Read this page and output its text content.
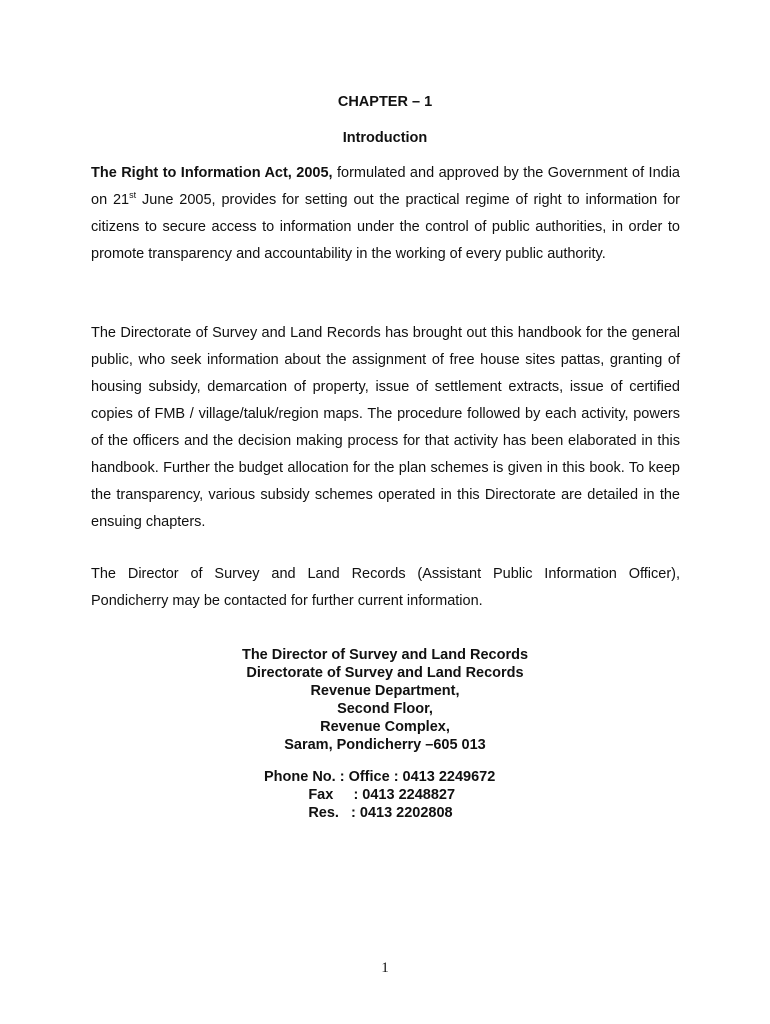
CHAPTER – 1
Introduction

The Right to Information Act, 2005, formulated and approved by the Government of India on 21st June 2005, provides for setting out the practical regime of right to information for citizens to secure access to information under the control of public authorities, in order to promote transparency and accountability in the working of every public authority.

The Directorate of Survey and Land Records has brought out this handbook for the general public, who seek information about the assignment of free house sites pattas, granting of housing subsidy, demarcation of property, issue of settlement extracts, issue of certified copies of FMB / village/taluk/region maps. The procedure followed by each activity, powers of the officers and the decision making process for that activity has been elaborated in this handbook. Further the budget allocation for the plan schemes is given in this book. To keep the transparency, various subsidy schemes operated in this Directorate are detailed in the ensuing chapters.

The Director of Survey and Land Records (Assistant Public Information Officer), Pondicherry may be contacted for further current information.

The Director of Survey and Land Records
Directorate of Survey and Land Records
Revenue Department,
Second Floor,
Revenue Complex,
Saram, Pondicherry –605 013
Phone No. : Office : 0413 2249672
Fax     : 0413 2248827
Res.   : 0413 2202808
1
